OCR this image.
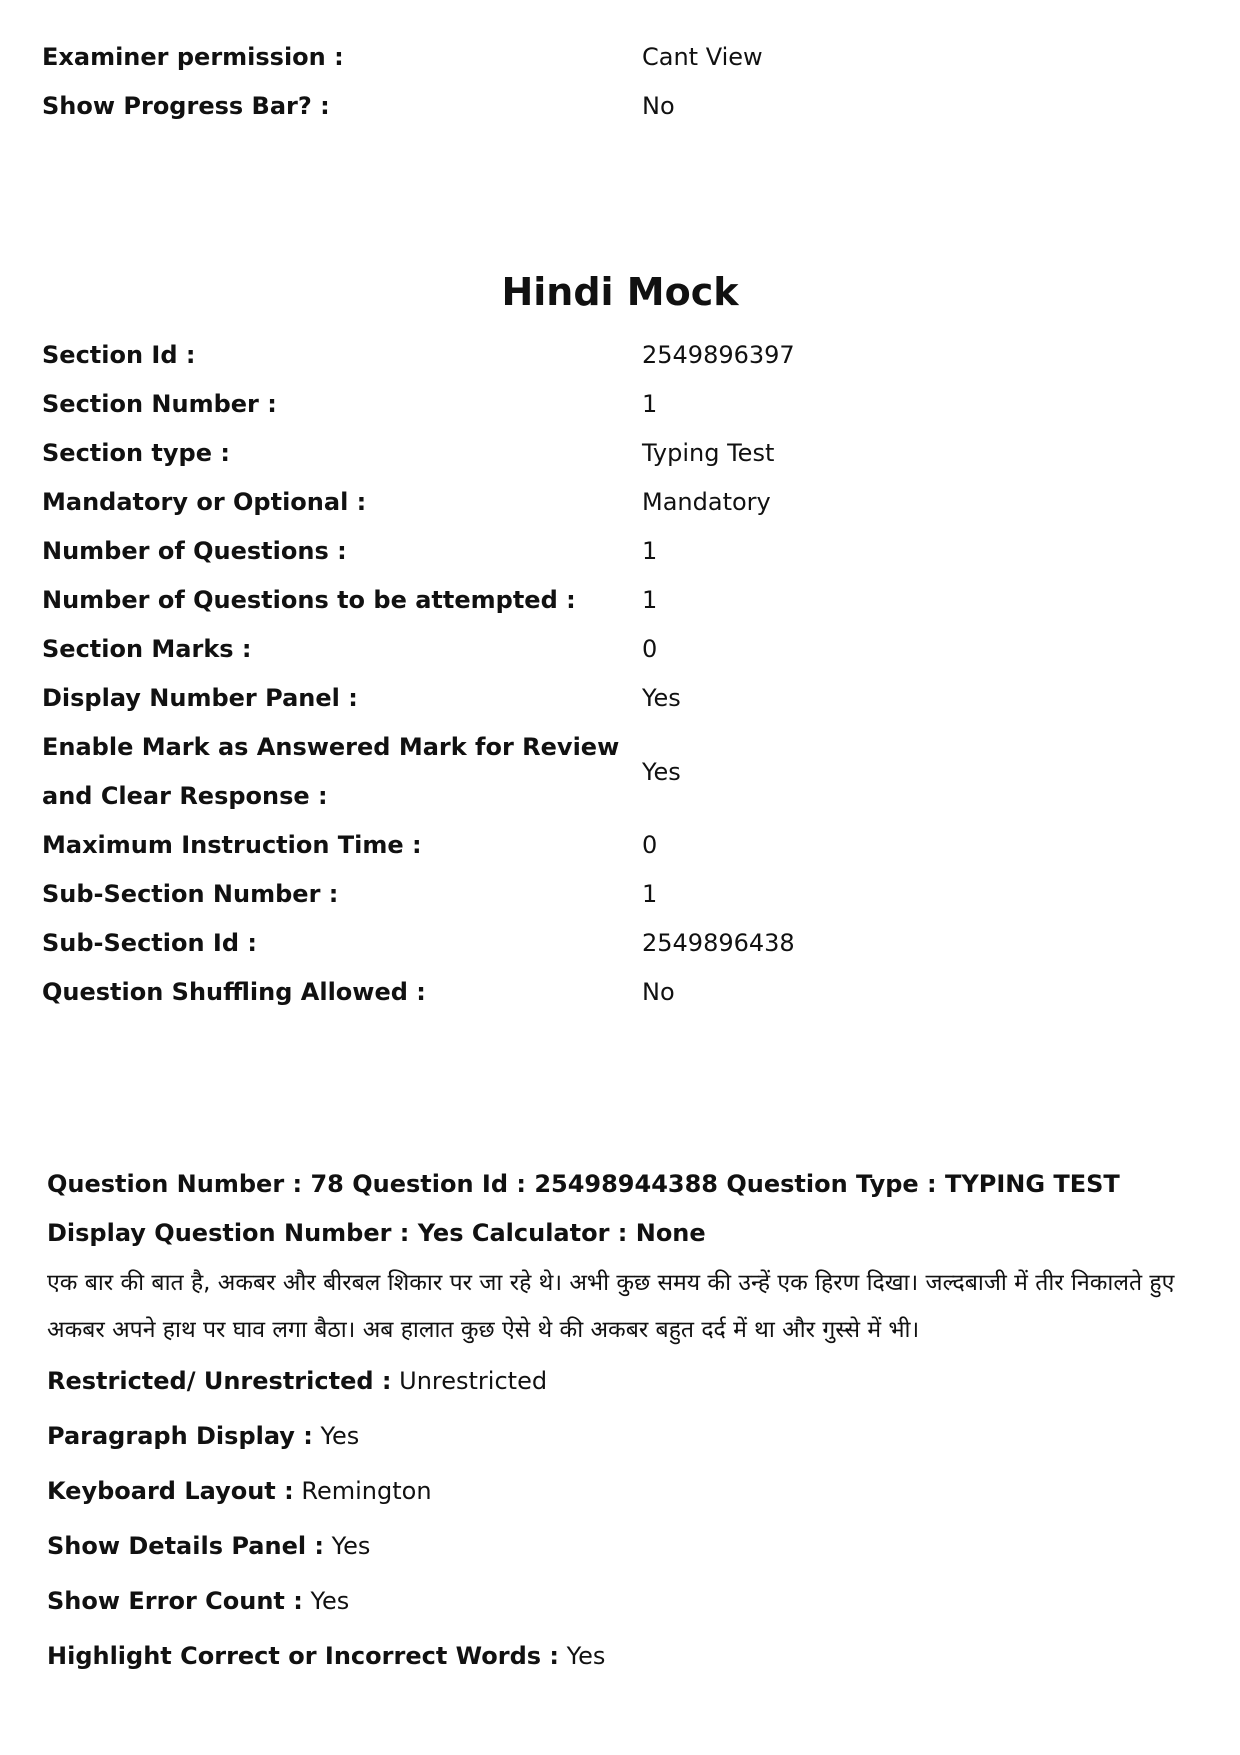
Examiner permission :	Cant View
Show Progress Bar? :	No
Hindi Mock
Section Id :	2549896397
Section Number :	1
Section type :	Typing Test
Mandatory or Optional :	Mandatory
Number of Questions :	1
Number of Questions to be attempted :	1
Section Marks :	0
Display Number Panel :	Yes
Enable Mark as Answered Mark for Review and Clear Response :
Yes
Maximum Instruction Time :	0
Sub-Section Number :	1
Sub-Section Id :	2549896438
Question Shuffling Allowed :	No
Question Number : 78 Question Id : 25498944388 Question Type : TYPING TEST Display Question Number : Yes Calculator : None
एक बार की बात है, अकबर और बीरबल शिकार पर जा रहे थे। अभी कुछ समय की उन्हें एक हिरण दिखा। जल्दबाजी में तीर निकालते हुए अकबर अपने हाथ पर घाव लगा बैठा। अब हालात कुछ ऐसे थे की अकबर बहुत दर्द में था और गुस्से में भी।
Restricted/ Unrestricted : Unrestricted
Paragraph Display : Yes
Keyboard Layout : Remington
Show Details Panel : Yes
Show Error Count : Yes
Highlight Correct or Incorrect Words : Yes
